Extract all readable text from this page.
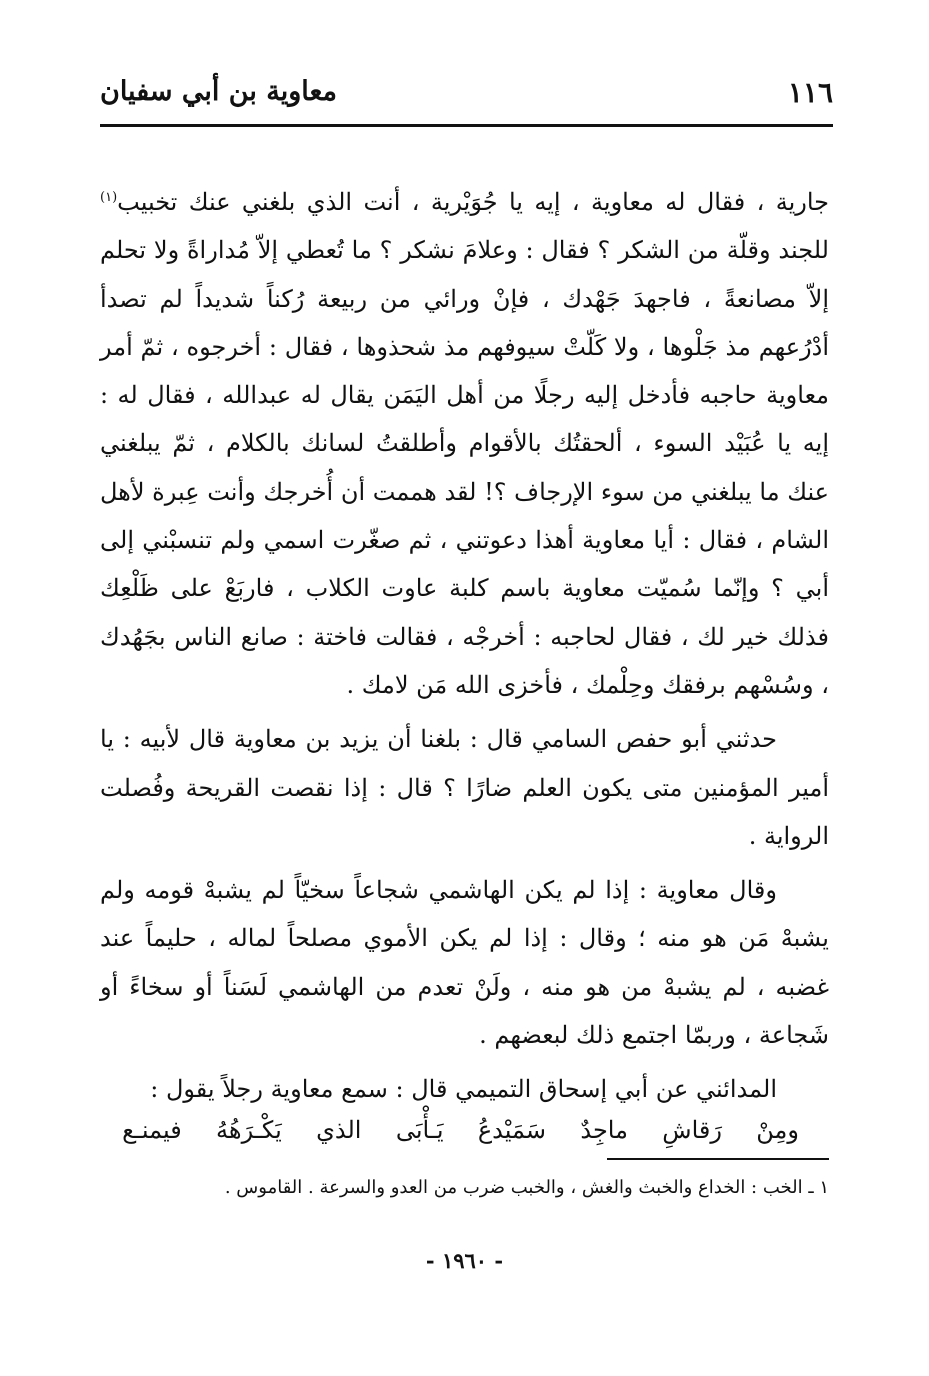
١١٦
معاوية بن أبي سفيان

جارية ، فقال له معاوية ، إيه يا جُوَيْرية ، أنت الذي بلغني عنك تخبيب$^{(١)}$ للجند وقلّة من الشكر ؟ فقال : وعلامَ نشكر ؟ ما تُعطي إلاّ مُداراةً ولا تحلم إلاّ مصانعةً ، فاجهدَ جَهْدك ، فإنْ ورائي من ربيعة رُكناً شديداً لم تصدأ أدْرُعهم مذ جَلْوها ، ولا كَلّتْ سيوفهم مذ شحذوها ، فقال : أخرجوه ، ثمّ أمر معاوية حاجبه فأدخل إليه رجلًا من أهل اليَمَن يقال له عبدالله ، فقال له : إيه يا عُبَيْد السوء ، ألحقتُك بالأقوام وأطلقتُ لسانك بالكلام ، ثمّ يبلغني عنك ما يبلغني من سوء الإرجاف ؟! لقد هممت أن أُخرجك وأنت عِبرة لأهل الشام ، فقال : أيا معاوية أهذا دعوتني ، ثم صغّرت اسمي ولم تنسبْني إلى أبي ؟ وإنّما سُميّت معاوية باسم كلبة عاوت الكلاب ، فاربَعْ على ظَلْعِك فذلك خير لك ، فقال لحاجبه : أخرجْه ، فقالت فاختة : صانع الناس بجَهُدك ، وسُسْهم برفقك وحِلْمك ، فأخزى الله مَن لامك .

حدثني أبو حفص السامي قال : بلغنا أن يزيد بن معاوية قال لأبيه : يا أمير المؤمنين متى يكون العلم ضارًا ؟ قال : إذا نقصت القريحة وفُصلت الرواية .

وقال معاوية : إذا لم يكن الهاشمي شجاعاً سخيّاً لم يشبهْ قومه ولم يشبهْ مَن هو منه ؛ وقال : إذا لم يكن الأموي مصلحاً لماله ، حليماً عند غضبه ، لم يشبهْ من هو منه ، ولَنْ تعدم من الهاشمي لَسَناً أو سخاءً أو شَجاعة ، وربمّا اجتمع ذلك لبعضهم .

المدائني عن أبي إسحاق التميمي قال : سمع معاوية رجلاً يقول :

ومِنْ
رَقاشِ
ماجِدٌ
سَمَيْدعُ
يَـأْبَى
الذي
يَكْـرَهُهُ
فيمنـع
١ ـ الخب : الخداع والخبث والغش ، والخبب ضرب من العدو والسرعة . القاموس .
- ١٩٦٠ -
